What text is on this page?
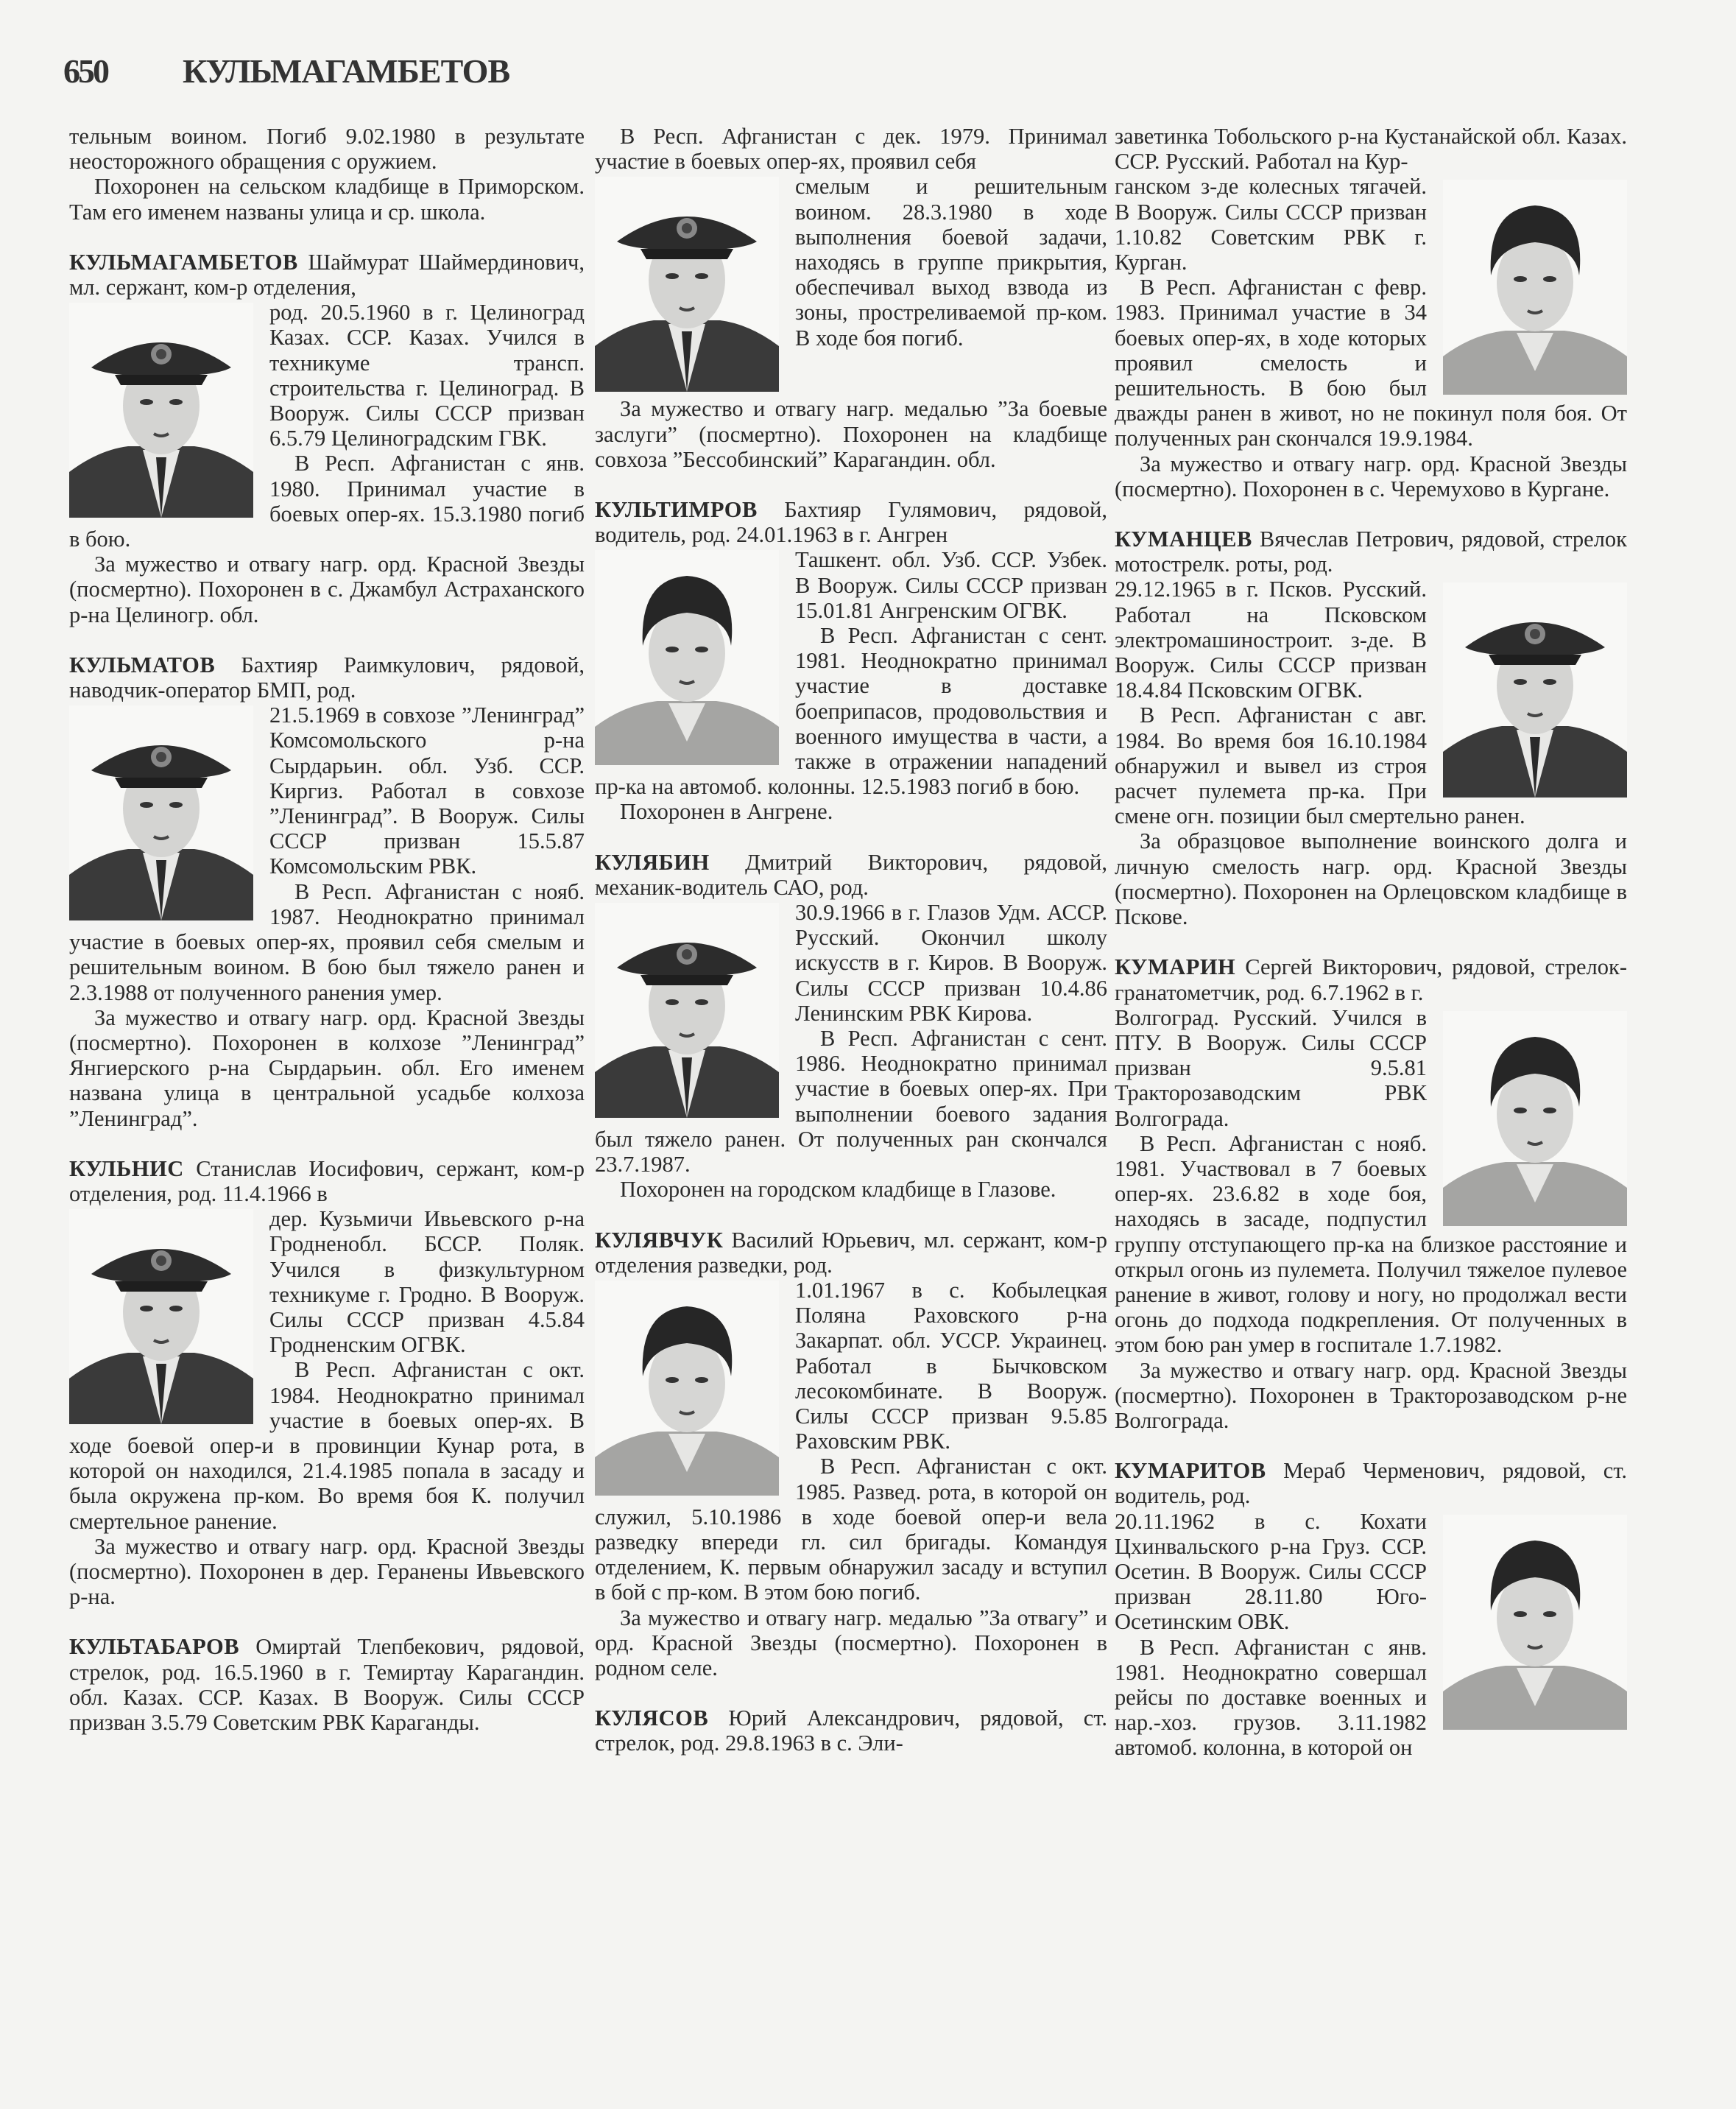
650 КУЛЬМАГАМБЕТОВ

тельным воином. Погиб 9.02.1980 в результате неосторожного обращения с оружием.

Похоронен на сельском кладбище в Приморском. Там его именем названы улица и ср. школа.

КУЛЬМАГАМБЕТОВ Шаймурат Шаймердинович, мл. сержант, ком-р отделения,

род. 20.5.1960 в г. Целиноград Казах. ССР. Казах. Учился в техникуме трансп. строительства г. Целиноград. В Вооруж. Силы СССР призван 6.5.79 Целиноградским ГВК.

В Респ. Афганистан с янв. 1980. Принимал участие в боевых опер-ях. 15.3.1980 погиб в бою.

За мужество и отвагу нагр. орд. Красной Звезды (посмертно). Похоронен в с. Джамбул Астраханского р-на Целиногр. обл.

КУЛЬМАТОВ Бахтияр Раимкулович, рядовой, наводчик-оператор БМП, род.

21.5.1969 в совхозе ”Ленинград” Комсомольского р-на Сырдарьин. обл. Узб. ССР. Киргиз. Работал в совхозе ”Ленинград”. В Вооруж. Силы СССР призван 15.5.87 Комсомольским РВК.

В Респ. Афганистан с нояб. 1987. Неоднократно принимал участие в боевых опер-ях, проявил себя смелым и решительным воином. В бою был тяжело ранен и 2.3.1988 от полученного ранения умер.

За мужество и отвагу нагр. орд. Красной Звезды (посмертно). Похоронен в колхозе ”Ленинград” Янгиерского р-на Сырдарьин. обл. Его именем названа улица в центральной усадьбе колхоза ”Ленинград”.

КУЛЬНИС Станислав Иосифович, сержант, ком-р отделения, род. 11.4.1966 в

дер. Кузьмичи Ивьевского р-на Гродненобл. БССР. Поляк. Учился в физкультурном техникуме г. Гродно. В Вооруж. Силы СССР призван 4.5.84 Гродненским ОГВК.

В Респ. Афганистан с окт. 1984. Неоднократно принимал участие в боевых опер-ях. В ходе боевой опер-и в провинции Кунар рота, в которой он находился, 21.4.1985 попала в засаду и была окружена пр-ком. Во время боя К. получил смертельное ранение.

За мужество и отвагу нагр. орд. Красной Звезды (посмертно). Похоронен в дер. Геранены Ивьевского р-на.

КУЛЬТАБАРОВ Омиртай Тлепбекович, рядовой, стрелок, род. 16.5.1960 в г. Темиртау Карагандин. обл. Казах. ССР. Казах. В Вооруж. Силы СССР призван 3.5.79 Советским РВК Караганды.

В Респ. Афганистан с дек. 1979. Принимал участие в боевых опер-ях, проявил себя

смелым и решительным воином. 28.3.1980 в ходе выполнения боевой задачи, находясь в группе прикрытия, обеспечивал выход взвода из зоны, простреливаемой пр-ком. В ходе боя погиб.

За мужество и отвагу нагр. медалью ”За боевые заслуги” (посмертно). Похоронен на кладбище совхоза ”Бессобинский” Карагандин. обл.

КУЛЬТИМРОВ Бахтияр Гулямович, рядовой, водитель, род. 24.01.1963 в г. Ангрен

Ташкент. обл. Узб. ССР. Узбек. В Вооруж. Силы СССР призван 15.01.81 Ангренским ОГВК.

В Респ. Афганистан с сент. 1981. Неоднократно принимал участие в доставке боеприпасов, продовольствия и военного имущества в части, а также в отражении нападений пр-ка на автомоб. колонны. 12.5.1983 погиб в бою.

Похоронен в Ангрене.

КУЛЯБИН Дмитрий Викторович, рядовой, механик-водитель САО, род.

30.9.1966 в г. Глазов Удм. АССР. Русский. Окончил школу искусств в г. Киров. В Вооруж. Силы СССР призван 10.4.86 Ленинским РВК Кирова.

В Респ. Афганистан с сент. 1986. Неоднократно принимал участие в боевых опер-ях. При выполнении боевого задания был тяжело ранен. От полученных ран скончался 23.7.1987.

Похоронен на городском кладбище в Глазове.

КУЛЯВЧУК Василий Юрьевич, мл. сержант, ком-р отделения разведки, род.

1.01.1967 в с. Кобылецкая Поляна Раховского р-на Закарпат. обл. УССР. Украинец. Работал в Бычковском лесокомбинате. В Вооруж. Силы СССР призван 9.5.85 Раховским РВК.

В Респ. Афганистан с окт. 1985. Развед. рота, в которой он служил, 5.10.1986 в ходе боевой опер-и вела разведку впереди гл. сил бригады. Командуя отделением, К. первым обнаружил засаду и вступил в бой с пр-ком. В этом бою погиб.

За мужество и отвагу нагр. медалью ”За отвагу” и орд. Красной Звезды (посмертно). Похоронен в родном селе.

КУЛЯСОВ Юрий Александрович, рядовой, ст. стрелок, род. 29.8.1963 в с. Эли-

заветинка Тобольского р-на Кустанайской обл. Казах. ССР. Русский. Работал на Кур-

ганском з-де колесных тягачей. В Вооруж. Силы СССР призван 1.10.82 Советским РВК г. Курган.

В Респ. Афганистан с февр. 1983. Принимал участие в 34 боевых опер-ях, в ходе которых проявил смелость и решительность. В бою был дважды ранен в живот, но не покинул поля боя. От полученных ран скончался 19.9.1984.

За мужество и отвагу нагр. орд. Красной Звезды (посмертно). Похоронен в с. Черемухово в Кургане.

КУМАНЦЕВ Вячеслав Петрович, рядовой, стрелок мотострелк. роты, род.

29.12.1965 в г. Псков. Русский. Работал на Псковском электромашиностроит. з-де. В Вооруж. Силы СССР призван 18.4.84 Псковским ОГВК.

В Респ. Афганистан с авг. 1984. Во время боя 16.10.1984 обнаружил и вывел из строя расчет пулемета пр-ка. При смене огн. позиции был смертельно ранен.

За образцовое выполнение воинского долга и личную смелость нагр. орд. Красной Звезды (посмертно). Похоронен на Орлецовском кладбище в Пскове.

КУМАРИН Сергей Викторович, рядовой, стрелок-гранатометчик, род. 6.7.1962 в г.

Волгоград. Русский. Учился в ПТУ. В Вооруж. Силы СССР призван 9.5.81 Тракторозаводским РВК Волгограда.

В Респ. Афганистан с нояб. 1981. Участвовал в 7 боевых опер-ях. 23.6.82 в ходе боя, находясь в засаде, подпустил группу отступающего пр-ка на близкое расстояние и открыл огонь из пулемета. Получил тяжелое пулевое ранение в живот, голову и ногу, но продолжал вести огонь до подхода подкрепления. От полученных в этом бою ран умер в госпитале 1.7.1982.

За мужество и отвагу нагр. орд. Красной Звезды (посмертно). Похоронен в Тракторозаводском р-не Волгограда.

КУМАРИТОВ Мераб Черменович, рядовой, ст. водитель, род.

20.11.1962 в с. Кохати Цхинвальского р-на Груз. ССР. Осетин. В Вооруж. Силы СССР призван 28.11.80 Юго-Осетинским ОВК.

В Респ. Афганистан с янв. 1981. Неоднократно совершал рейсы по доставке военных и нар.-хоз. грузов. 3.11.1982 автомоб. колонна, в которой он
